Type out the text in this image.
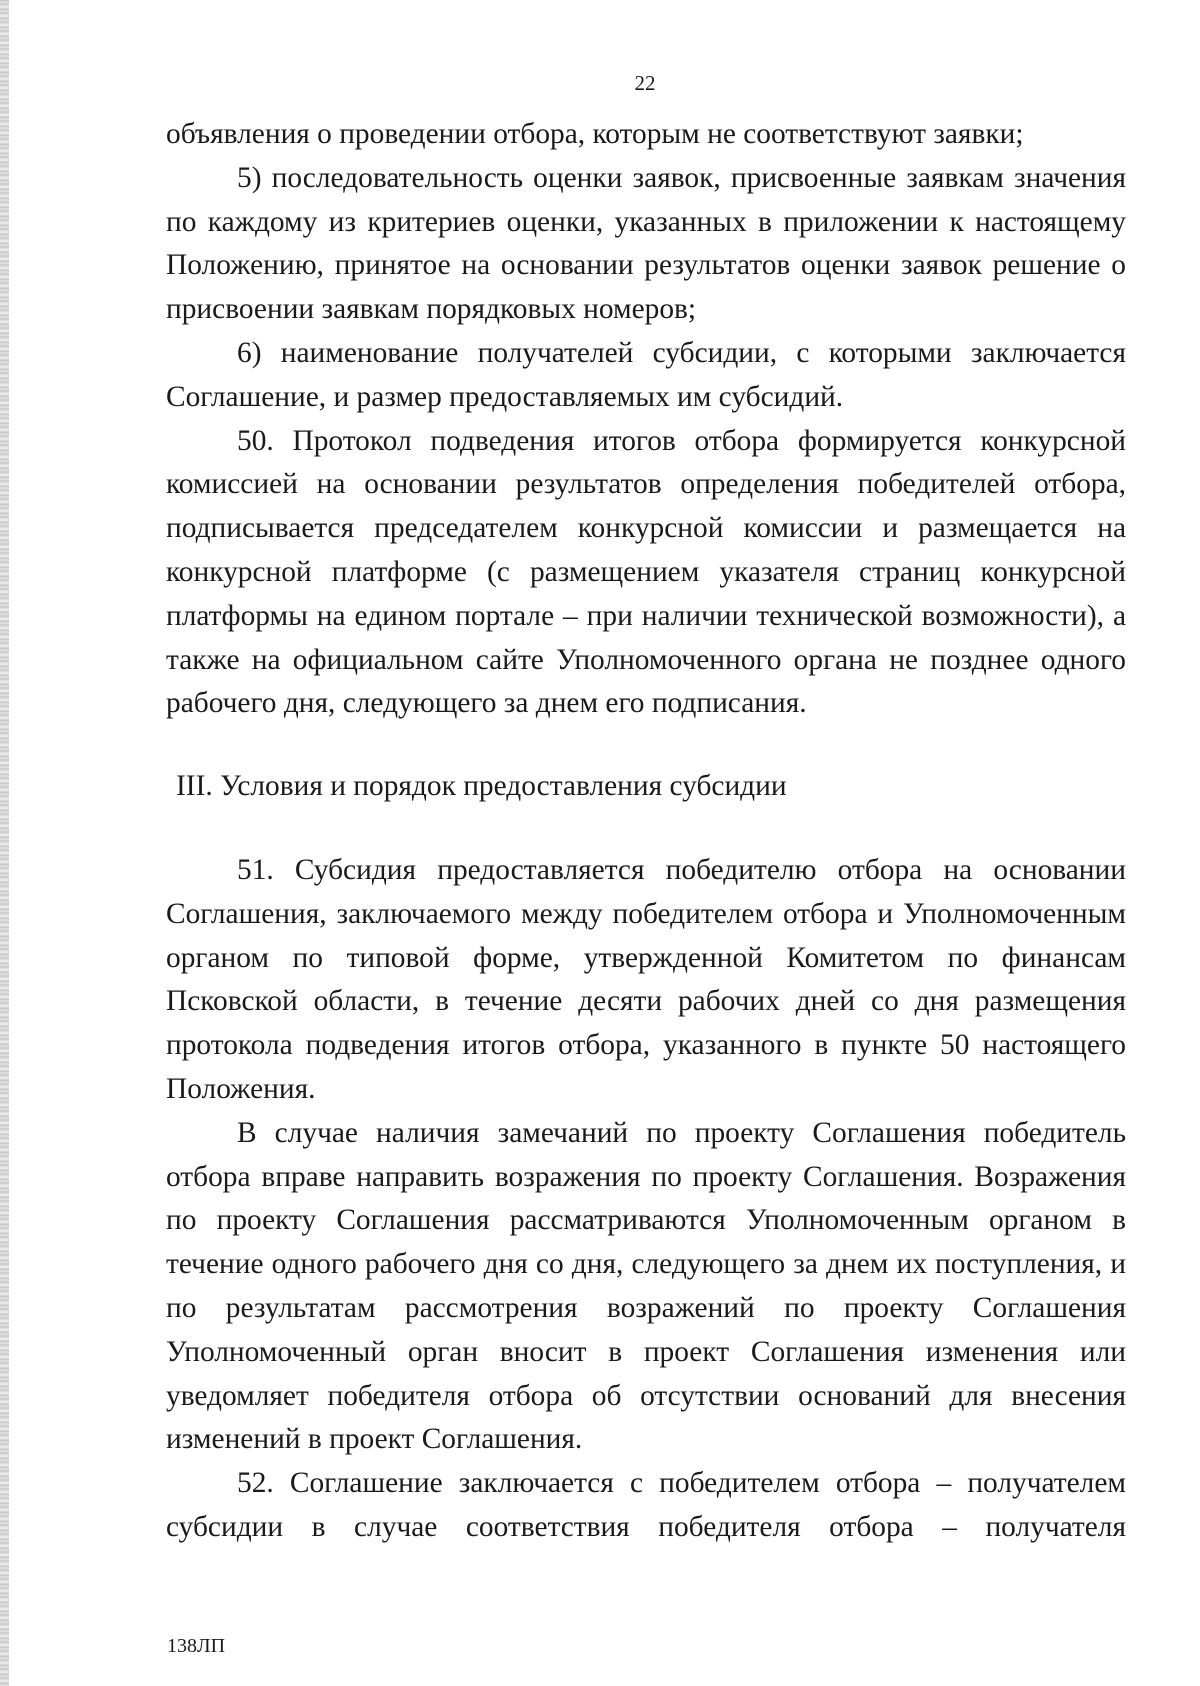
22

объявления о проведении отбора, которым не соответствуют заявки;

5) последовательность оценки заявок, присвоенные заявкам значения по каждому из критериев оценки, указанных в приложении к настоящему Положению, принятое на основании результатов оценки заявок решение о присвоении заявкам порядковых номеров;

6) наименование получателей субсидии, с которыми заключается Соглашение, и размер предоставляемых им субсидий.

50. Протокол подведения итогов отбора формируется конкурсной комиссией на основании результатов определения победителей отбора, подписывается председателем конкурсной комиссии и размещается на конкурсной платформе (с размещением указателя страниц конкурсной платформы на едином портале – при наличии технической возможности), а также на официальном сайте Уполномоченного органа не позднее одного рабочего дня, следующего за днем его подписания.

III. Условия и порядок предоставления субсидии

51. Субсидия предоставляется победителю отбора на основании Соглашения, заключаемого между победителем отбора и Уполномоченным органом по типовой форме, утвержденной Комитетом по финансам Псковской области, в течение десяти рабочих дней со дня размещения протокола подведения итогов отбора, указанного в пункте 50 настоящего Положения.

В случае наличия замечаний по проекту Соглашения победитель отбора вправе направить возражения по проекту Соглашения. Возражения по проекту Соглашения рассматриваются Уполномоченным органом в течение одного рабочего дня со дня, следующего за днем их поступления, и по результатам рассмотрения возражений по проекту Соглашения Уполномоченный орган вносит в проект Соглашения изменения или уведомляет победителя отбора об отсутствии оснований для внесения изменений в проект Соглашения.

52. Соглашение заключается с победителем отбора – получателем субсидии в случае соответствия победителя отбора – получателя

138ЛП
